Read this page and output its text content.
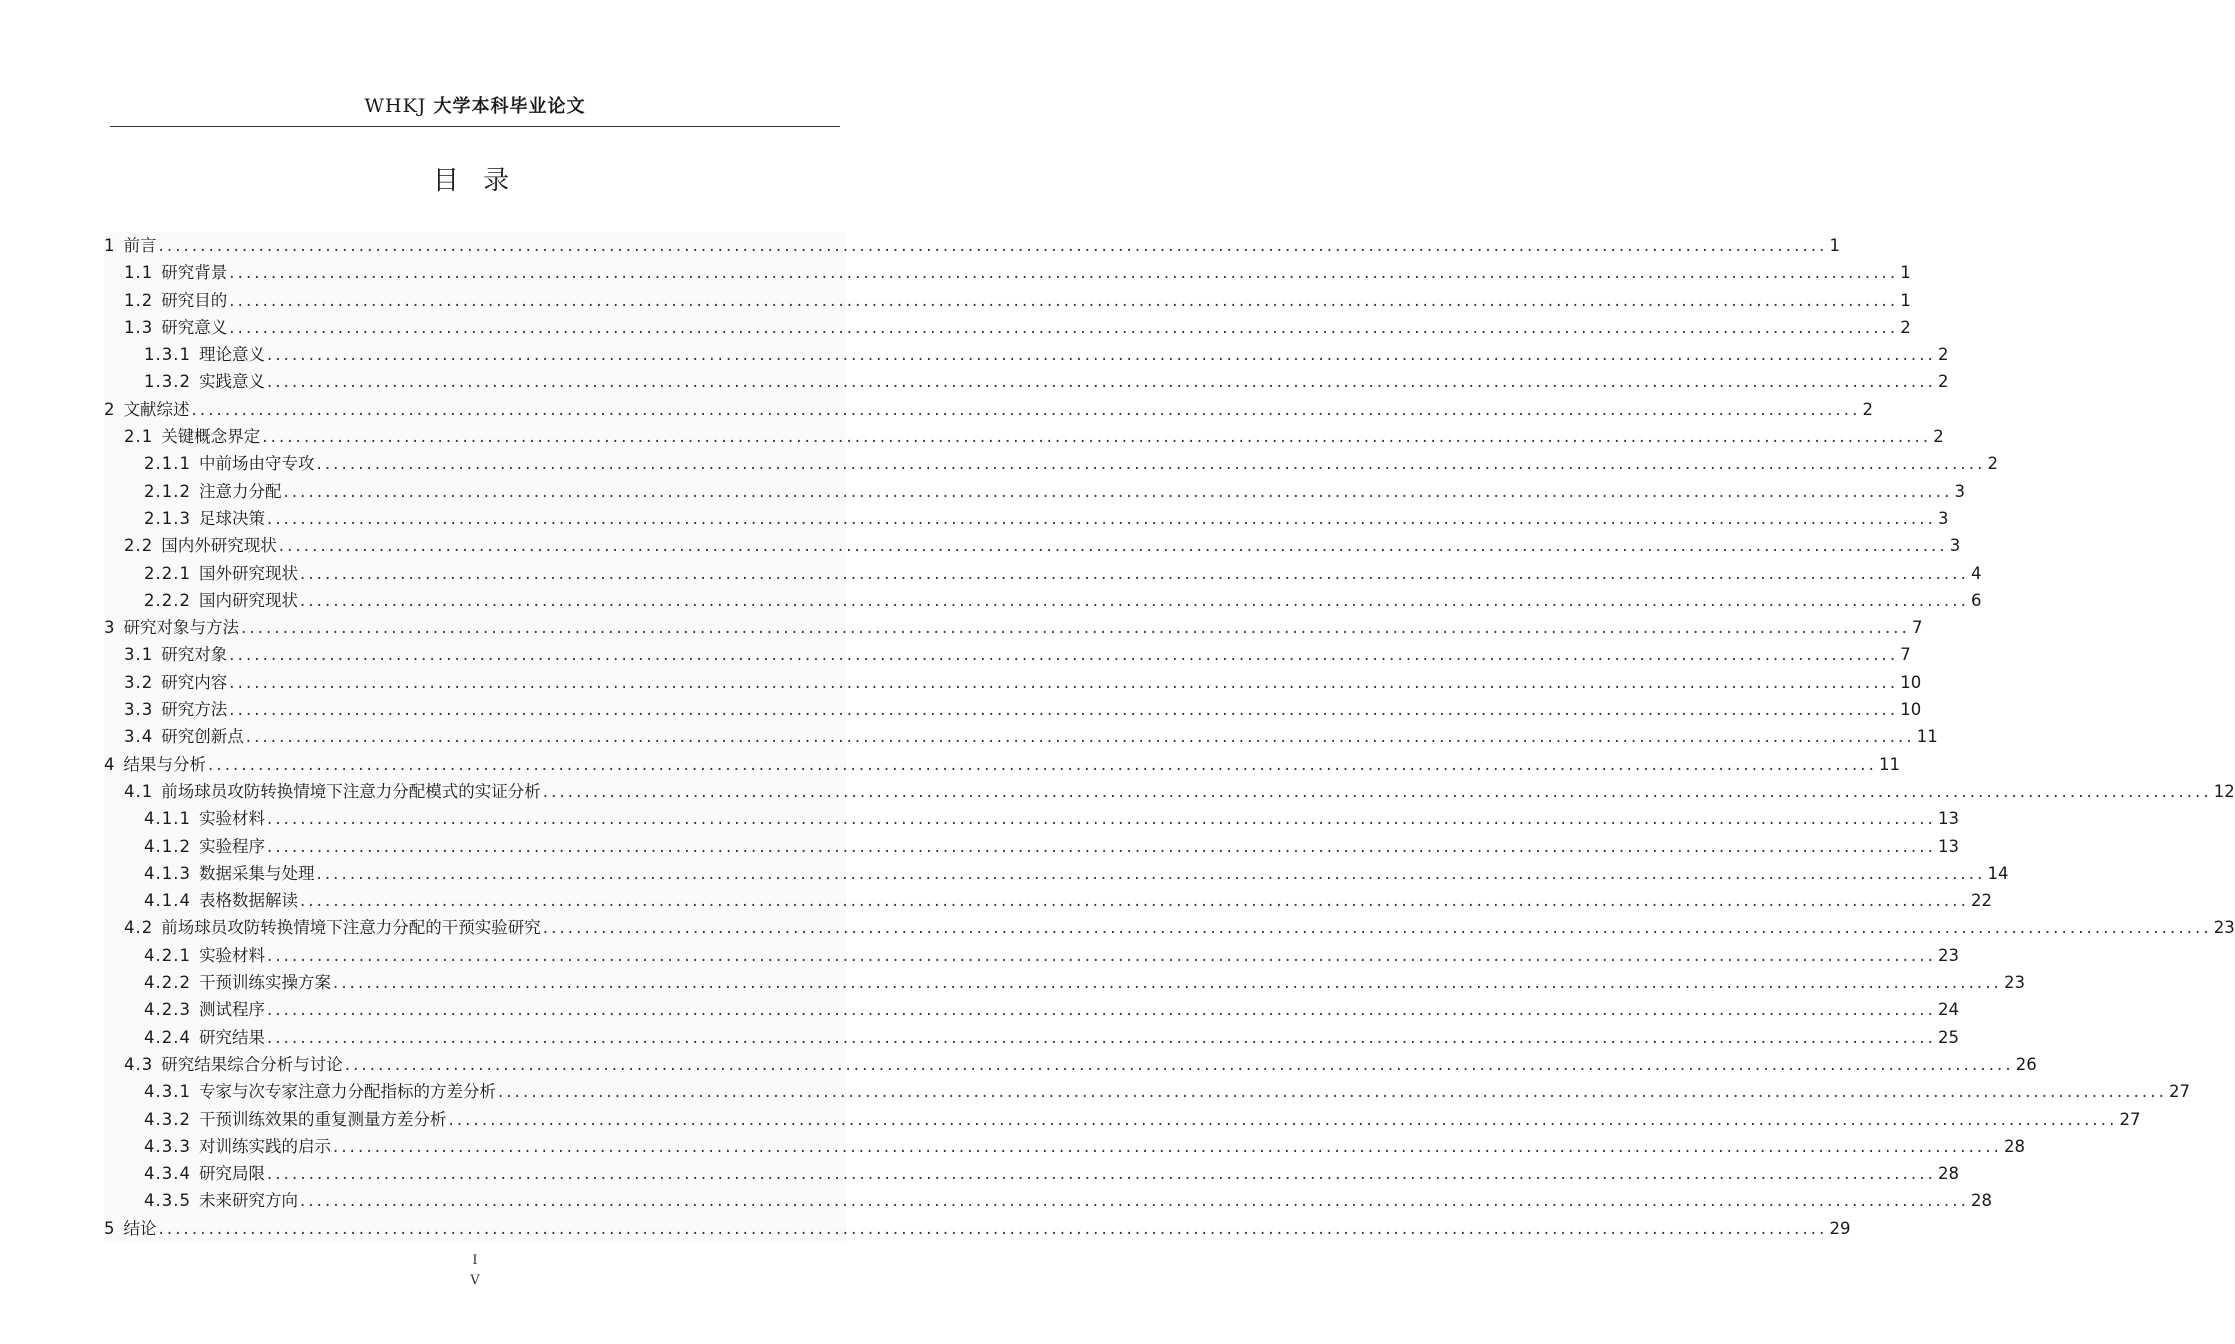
WHKJ 大学本科毕业论文
目 录
1 前言 ........................................................................................................................................................................................................ 1
1.1 研究背景 ........................................................................................................................................................................................................ 1
1.2 研究目的 ........................................................................................................................................................................................................ 1
1.3 研究意义 ........................................................................................................................................................................................................ 2
1.3.1 理论意义 ........................................................................................................................................................................................................ 2
1.3.2 实践意义 ........................................................................................................................................................................................................ 2
2 文献综述 ........................................................................................................................................................................................................ 2
2.1 关键概念界定 ........................................................................................................................................................................................................ 2
2.1.1 中前场由守专攻 ........................................................................................................................................................................................................ 2
2.1.2 注意力分配 ........................................................................................................................................................................................................ 3
2.1.3 足球决策 ........................................................................................................................................................................................................ 3
2.2 国内外研究现状 ........................................................................................................................................................................................................ 3
2.2.1 国外研究现状 ........................................................................................................................................................................................................ 4
2.2.2 国内研究现状 ........................................................................................................................................................................................................ 6
3 研究对象与方法 ........................................................................................................................................................................................................ 7
3.1 研究对象 ........................................................................................................................................................................................................ 7
3.2 研究内容 ........................................................................................................................................................................................................ 10
3.3 研究方法 ........................................................................................................................................................................................................ 10
3.4 研究创新点 ........................................................................................................................................................................................................ 11
4 结果与分析 ........................................................................................................................................................................................................ 11
4.1 前场球员攻防转换情境下注意力分配模式的实证分析 ........................................................................................................................................................................................................ 12
4.1.1 实验材料 ........................................................................................................................................................................................................ 13
4.1.2 实验程序 ........................................................................................................................................................................................................ 13
4.1.3 数据采集与处理 ........................................................................................................................................................................................................ 14
4.1.4 表格数据解读 ........................................................................................................................................................................................................ 22
4.2 前场球员攻防转换情境下注意力分配的干预实验研究 ........................................................................................................................................................................................................ 23
4.2.1 实验材料 ........................................................................................................................................................................................................ 23
4.2.2 干预训练实操方案 ........................................................................................................................................................................................................ 23
4.2.3 测试程序 ........................................................................................................................................................................................................ 24
4.2.4 研究结果 ........................................................................................................................................................................................................ 25
4.3 研究结果综合分析与讨论 ........................................................................................................................................................................................................ 26
4.3.1 专家与次专家注意力分配指标的方差分析 ........................................................................................................................................................................................................ 27
4.3.2 干预训练效果的重复测量方差分析 ........................................................................................................................................................................................................ 27
4.3.3 对训练实践的启示 ........................................................................................................................................................................................................ 28
4.3.4 研究局限 ........................................................................................................................................................................................................ 28
4.3.5 未来研究方向 ........................................................................................................................................................................................................ 28
5 结论 ........................................................................................................................................................................................................ 29
I
V
